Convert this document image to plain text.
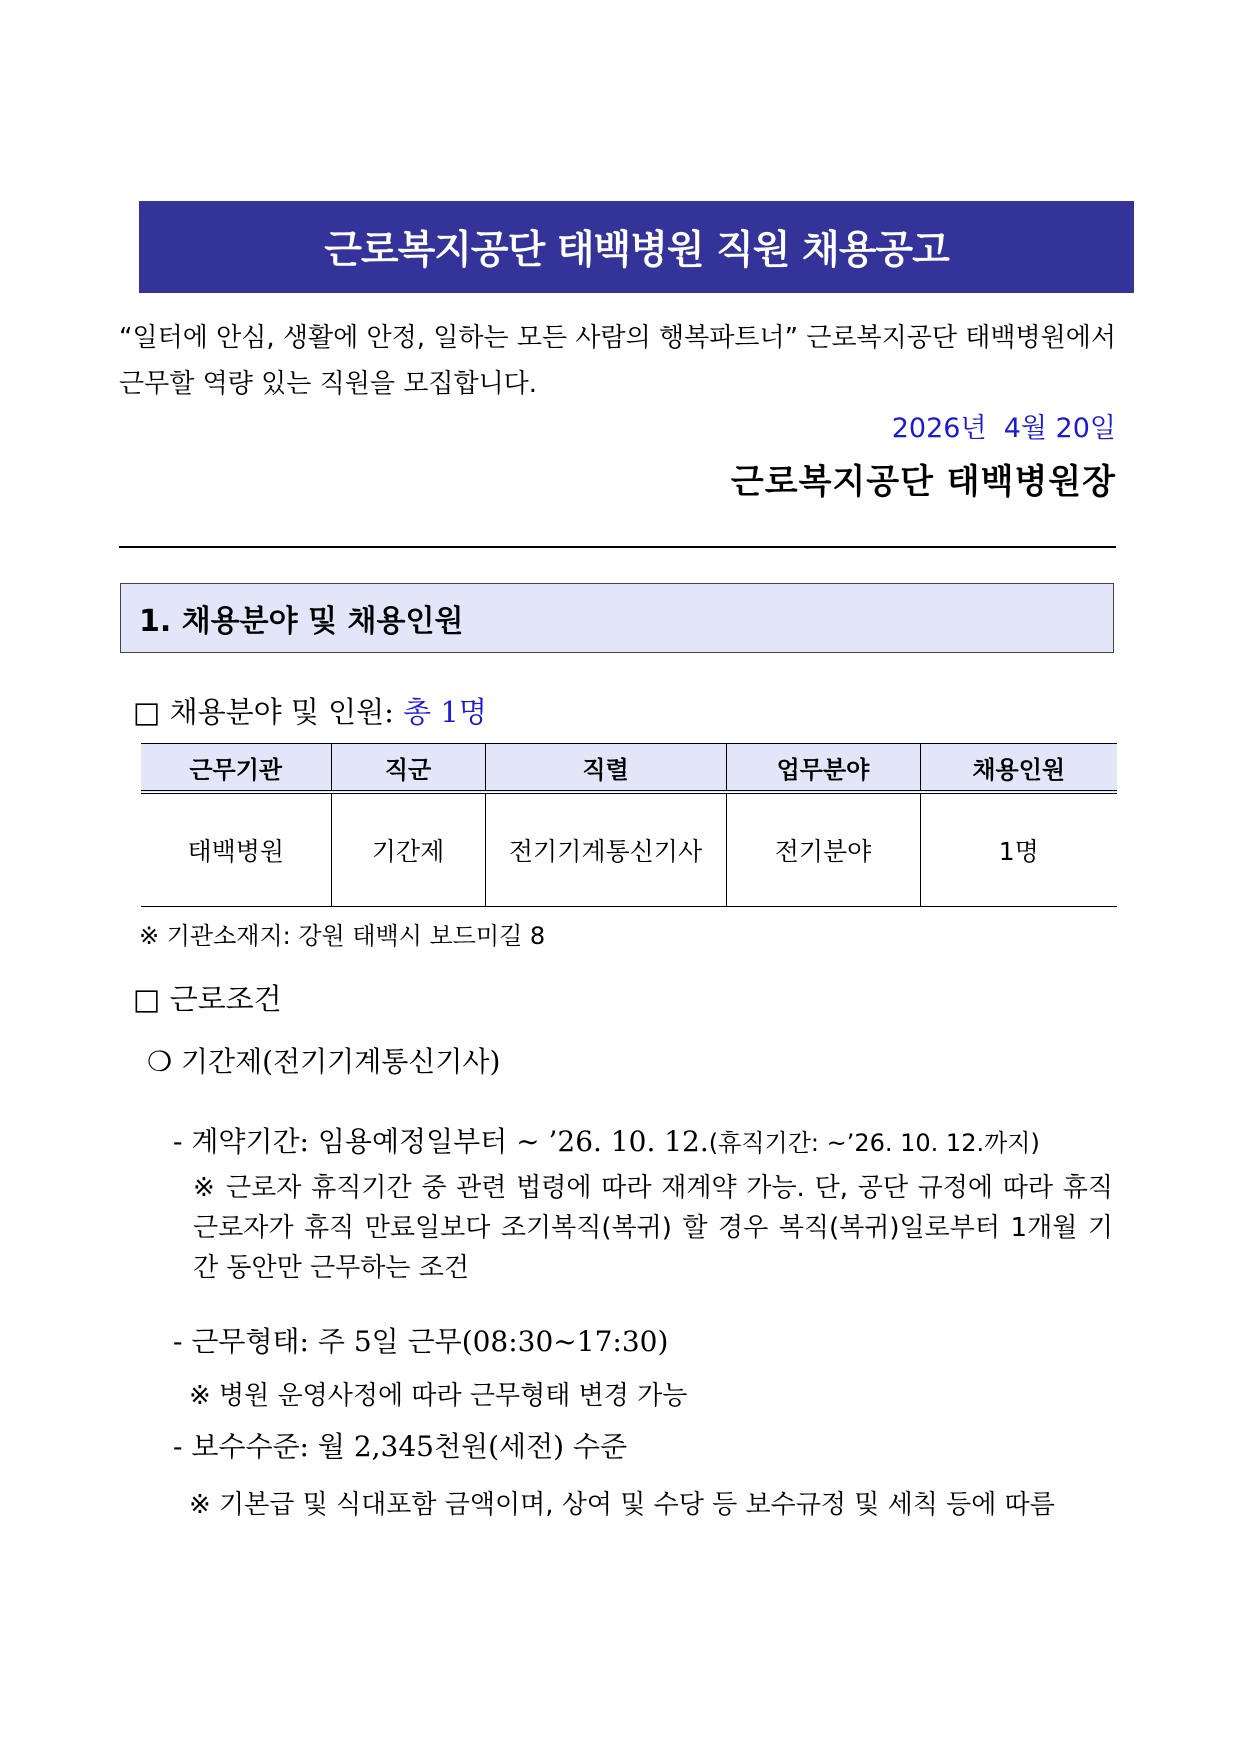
근로복지공단 태백병원 직원 채용공고
“일터에 안심, 생활에 안정, 일하는 모든 사람의 행복파트너” 근로복지공단 태백병원에서 근무할 역량 있는 직원을 모집합니다.
2026년  4월 20일
근로복지공단 태백병원장
1. 채용분야 및 채용인원
□ 채용분야 및 인원: 총 1명
근무기관	직군	직렬	업무분야	채용인원
태백병원	기간제	전기기계통신기사	전기분야	1명
※ 기관소재지: 강원 태백시 보드미길 8
□ 근로조건
❍ 기간제(전기기계통신기사)
- 계약기간: 임용예정일부터 ∼ ’26. 10. 12.(휴직기간: ~’26. 10. 12.까지)
※ 근로자 휴직기간 중 관련 법령에 따라 재계약 가능. 단, 공단 규정에 따라 휴직 근로자가 휴직 만료일보다 조기복직(복귀) 할 경우 복직(복귀)일로부터 1개월 기간 동안만 근무하는 조건
- 근무형태: 주 5일 근무(08:30~17:30)
※ 병원 운영사정에 따라 근무형태 변경 가능
- 보수수준: 월 2,345천원(세전) 수준
※ 기본급 및 식대포함 금액이며, 상여 및 수당 등 보수규정 및 세칙 등에 따름
